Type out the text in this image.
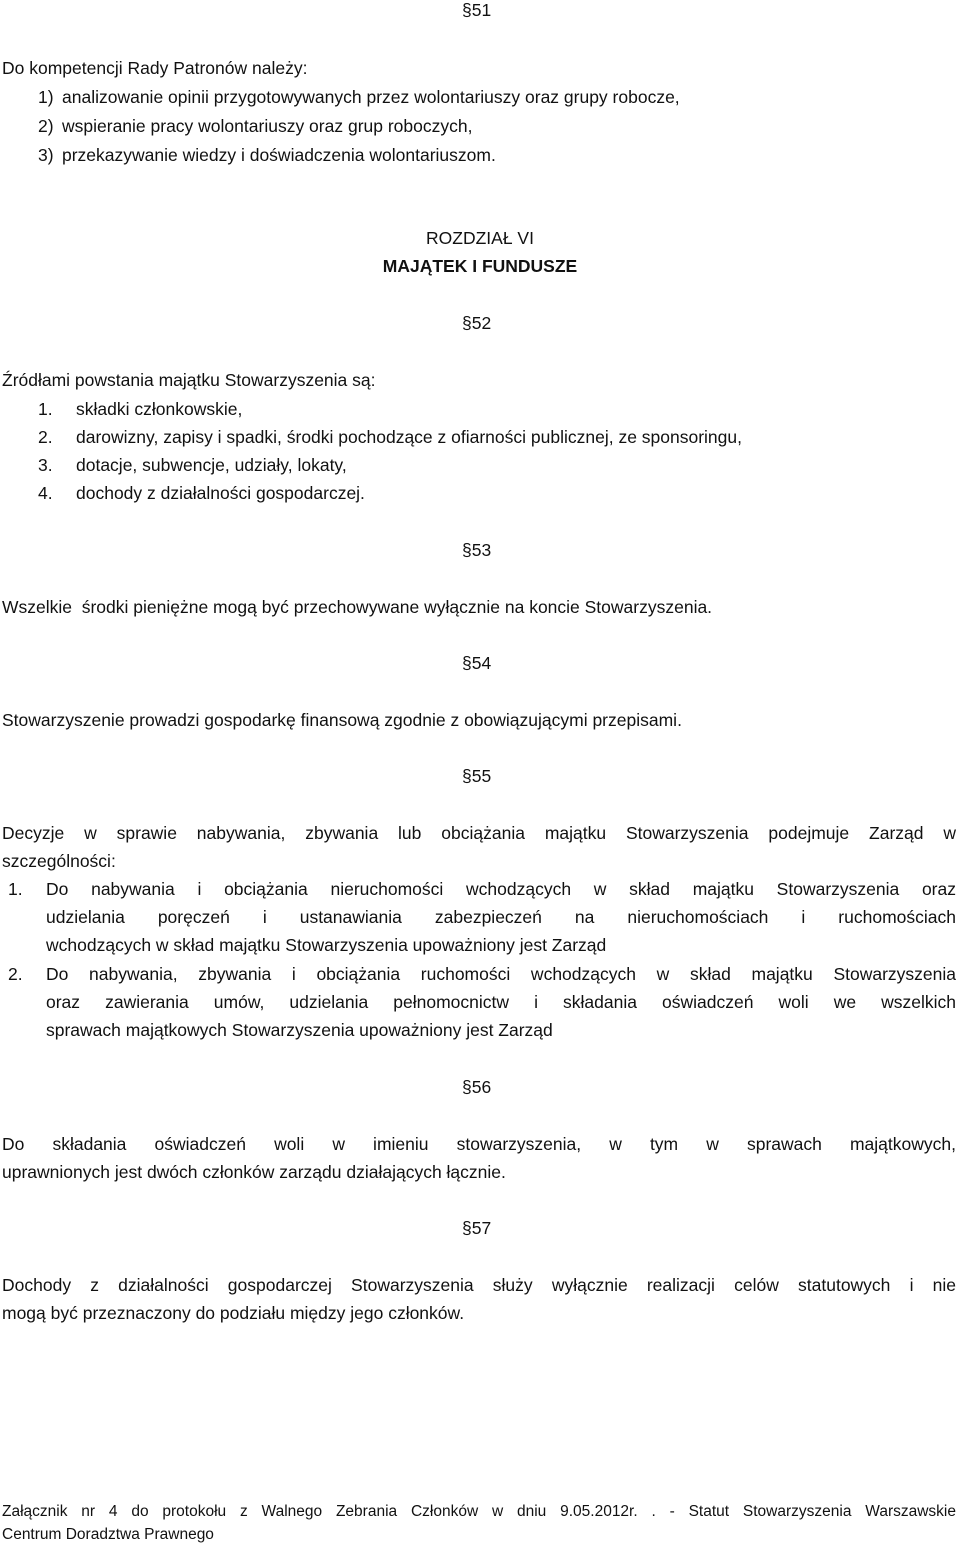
§51
Do kompetencji Rady Patronów należy:
1) analizowanie opinii przygotowywanych przez wolontariuszy oraz grupy robocze,
2) wspieranie pracy wolontariuszy oraz grup roboczych,
3) przekazywanie wiedzy i doświadczenia wolontariuszom.
ROZDZIAŁ VI
MAJĄTEK I FUNDUSZE
§52
Źródłami powstania majątku Stowarzyszenia są:
1. składki członkowskie,
2. darowizny, zapisy i spadki, środki pochodzące z ofiarności publicznej, ze sponsoringu,
3. dotacje, subwencje, udziały, lokaty,
4. dochody z działalności gospodarczej.
§53
Wszelkie  środki pieniężne mogą być przechowywane wyłącznie na koncie Stowarzyszenia.
§54
Stowarzyszenie prowadzi gospodarkę finansową zgodnie z obowiązującymi przepisami.
§55
Decyzje w sprawie nabywania, zbywania lub obciążania majątku Stowarzyszenia podejmuje Zarząd w
szczególności:
1. Do nabywania i obciążania nieruchomości wchodzących w skład majątku Stowarzyszenia oraz
udzielania poręczeń i ustanawiania zabezpieczeń na nieruchomościach i ruchomościach
wchodzących w skład majątku Stowarzyszenia upoważniony jest Zarząd
2. Do nabywania, zbywania i obciążania ruchomości wchodzących w skład majątku Stowarzyszenia
oraz zawierania umów, udzielania pełnomocnictw i składania oświadczeń woli we wszelkich
sprawach majątkowych Stowarzyszenia upoważniony jest Zarząd
§56
Do składania oświadczeń woli w imieniu stowarzyszenia, w tym w sprawach majątkowych,
uprawnionych jest dwóch członków zarządu działających łącznie.
§57
Dochody z działalności gospodarczej Stowarzyszenia służy wyłącznie realizacji celów statutowych i nie
mogą być przeznaczony do podziału między jego członków.
Załącznik nr 4 do protokołu z Walnego Zebrania Członków w dniu 9.05.2012r. . - Statut Stowarzyszenia Warszawskie
Centrum Doradztwa Prawnego
